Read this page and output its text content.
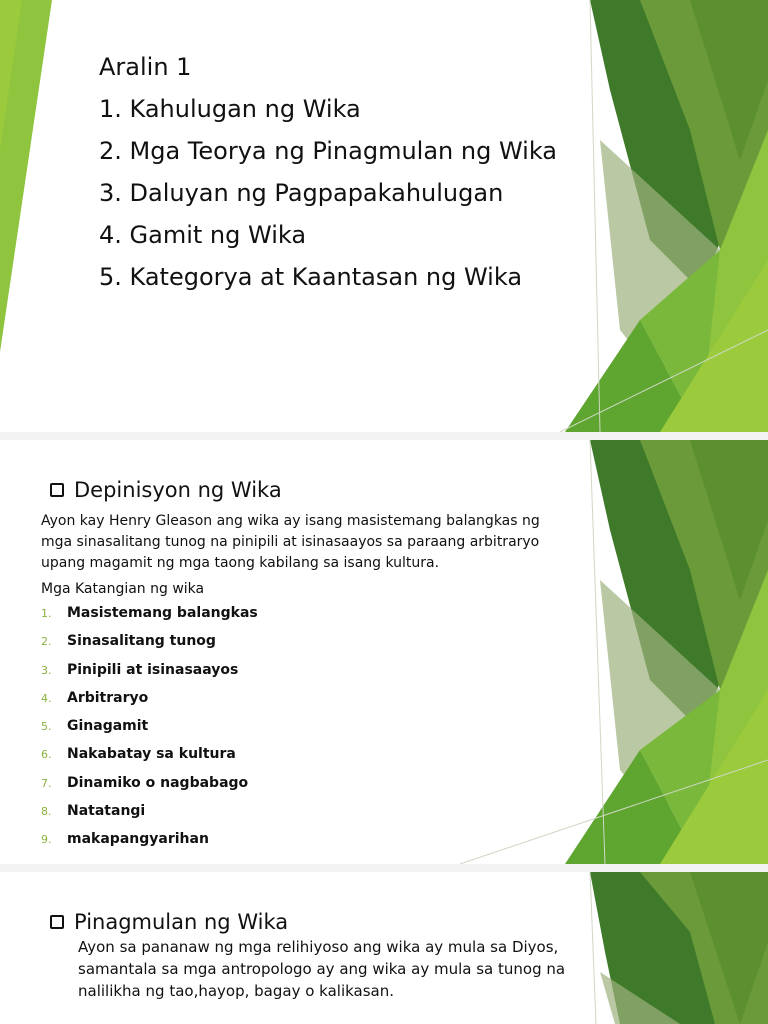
Aralin 1
1. Kahulugan ng Wika
2. Mga Teorya ng Pinagmulan ng Wika
3. Daluyan ng Pagpapakahulugan
4. Gamit ng Wika
5. Kategorya at Kaantasan ng Wika
Depinisyon ng Wika
Ayon kay Henry Gleason ang wika ay isang masistemang balangkas ng mga sinasalitang tunog na pinipili at isinasaayos sa paraang arbitraryo upang magamit ng mga taong kabilang sa isang kultura.
Mga Katangian ng wika
1.	Masistemang balangkas
2.	Sinasalitang tunog
3.	Pinipili at isinasaayos
4.	Arbitraryo
5.	Ginagamit
6.	Nakabatay sa kultura
7.	Dinamiko o nagbabago
8.	Natatangi
9.	makapangyarihan
Pinagmulan ng Wika
Ayon sa pananaw ng mga relihiyoso ang wika ay mula sa Diyos, samantala sa mga antropologo ay ang wika ay mula sa tunog na nalilikha ng tao,hayop, bagay o kalikasan.
